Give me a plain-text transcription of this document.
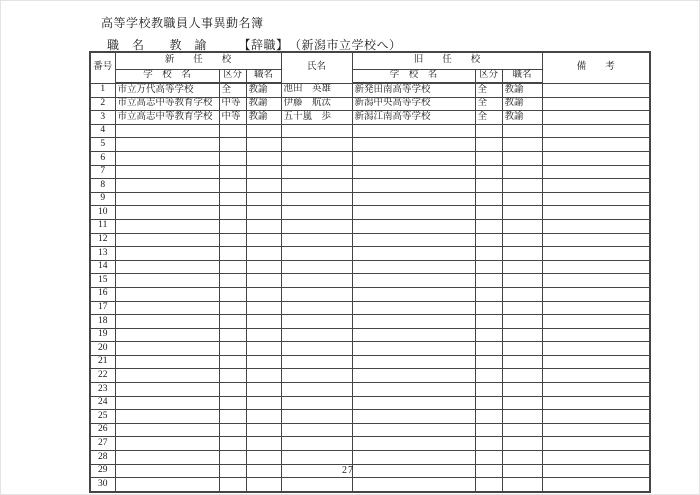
高等学校教職員人事異動名簿
職　名　　教　諭　　　【辞職】　（新潟市立学校へ）
番号	新　　任　　校			氏名	旧　　任　　校			備　　考
	学　校　名	区分	職名		学　校　名	区分	職名	
1	市立万代高等学校	全	教諭	池田　英雄	新発田南高等学校	全	教諭	
2	市立高志中等教育学校	中等	教諭	伊藤　航汰	新潟中央高等学校	全	教諭	
3	市立高志中等教育学校	中等	教諭	五十嵐　歩	新潟江南高等学校	全	教諭	
4								
5								
6								
7								
8								
9								
10								
11								
12								
13								
14								
15								
16								
17								
18								
19								
20								
21								
22								
23								
24								
25								
26								
27								
28								
29								
30								
27
